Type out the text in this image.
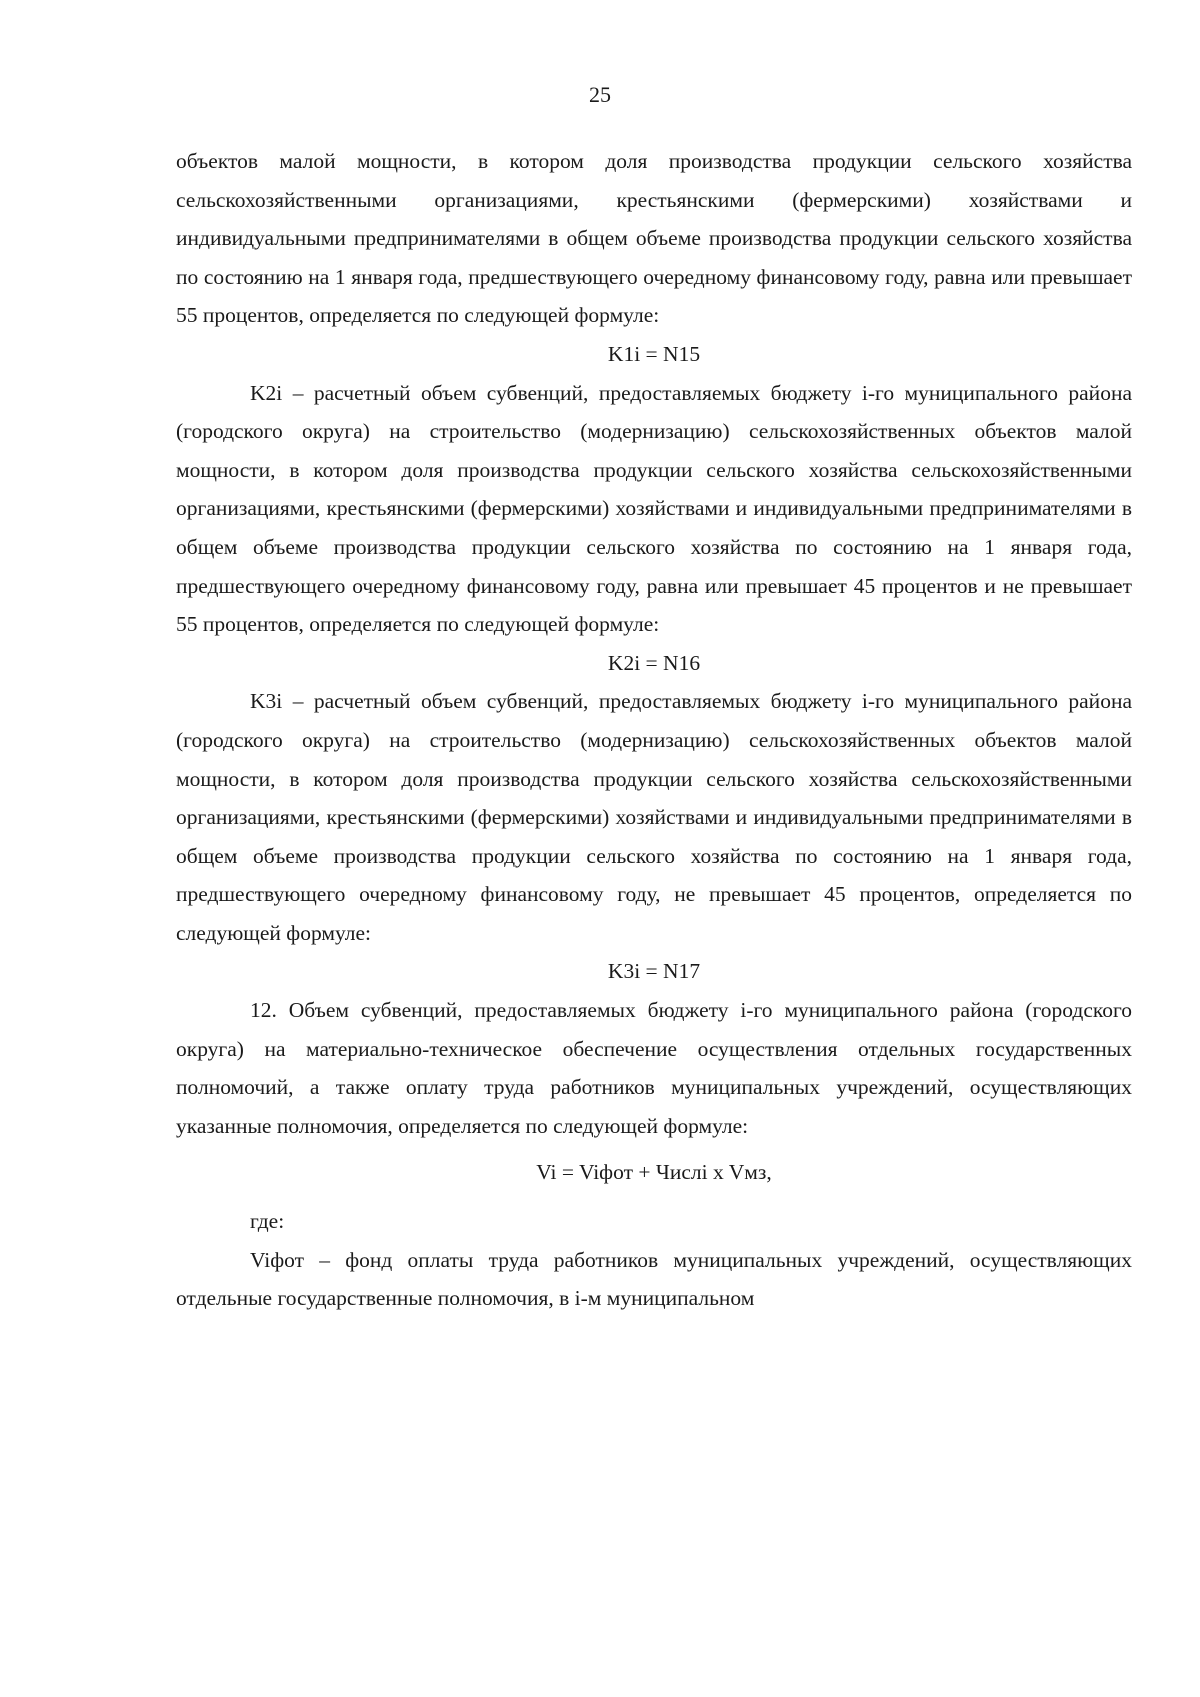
25

объектов малой мощности, в котором доля производства продукции сельского хозяйства сельскохозяйственными организациями, крестьянскими (фермерскими) хозяйствами и индивидуальными предпринимателями в общем объеме производства продукции сельского хозяйства по состоянию на 1 января года, предшествующего очередному финансовому году, равна или превышает 55 процентов, определяется по следующей формуле:

K1i = N15

K2i – расчетный объем субвенций, предоставляемых бюджету i-го муниципального района (городского округа) на строительство (модернизацию) сельскохозяйственных объектов малой мощности, в котором доля производства продукции сельского хозяйства сельскохозяйственными организациями, крестьянскими (фермерскими) хозяйствами и индивидуальными предпринимателями в общем объеме производства продукции сельского хозяйства по состоянию на 1 января года, предшествующего очередному финансовому году, равна или превышает 45 процентов и не превышает 55 процентов, определяется по следующей формуле:

K2i = N16

K3i – расчетный объем субвенций, предоставляемых бюджету i-го муниципального района (городского округа) на строительство (модернизацию) сельскохозяйственных объектов малой мощности, в котором доля производства продукции сельского хозяйства сельскохозяйственными организациями, крестьянскими (фермерскими) хозяйствами и индивидуальными предпринимателями в общем объеме производства продукции сельского хозяйства по состоянию на 1 января года, предшествующего очередному финансовому году, не превышает 45 процентов, определяется по следующей формуле:

K3i = N17

12. Объем субвенций, предоставляемых бюджету i-го муниципального района (городского округа) на материально-техническое обеспечение осуществления отдельных государственных полномочий, а также оплату труда работников муниципальных учреждений, осуществляющих указанные полномочия, определяется по следующей формуле:

Vi = Viфот + Числi x Vмз,

где:

Viфот – фонд оплаты труда работников муниципальных учреждений, осуществляющих отдельные государственные полномочия, в i-м муниципальном
